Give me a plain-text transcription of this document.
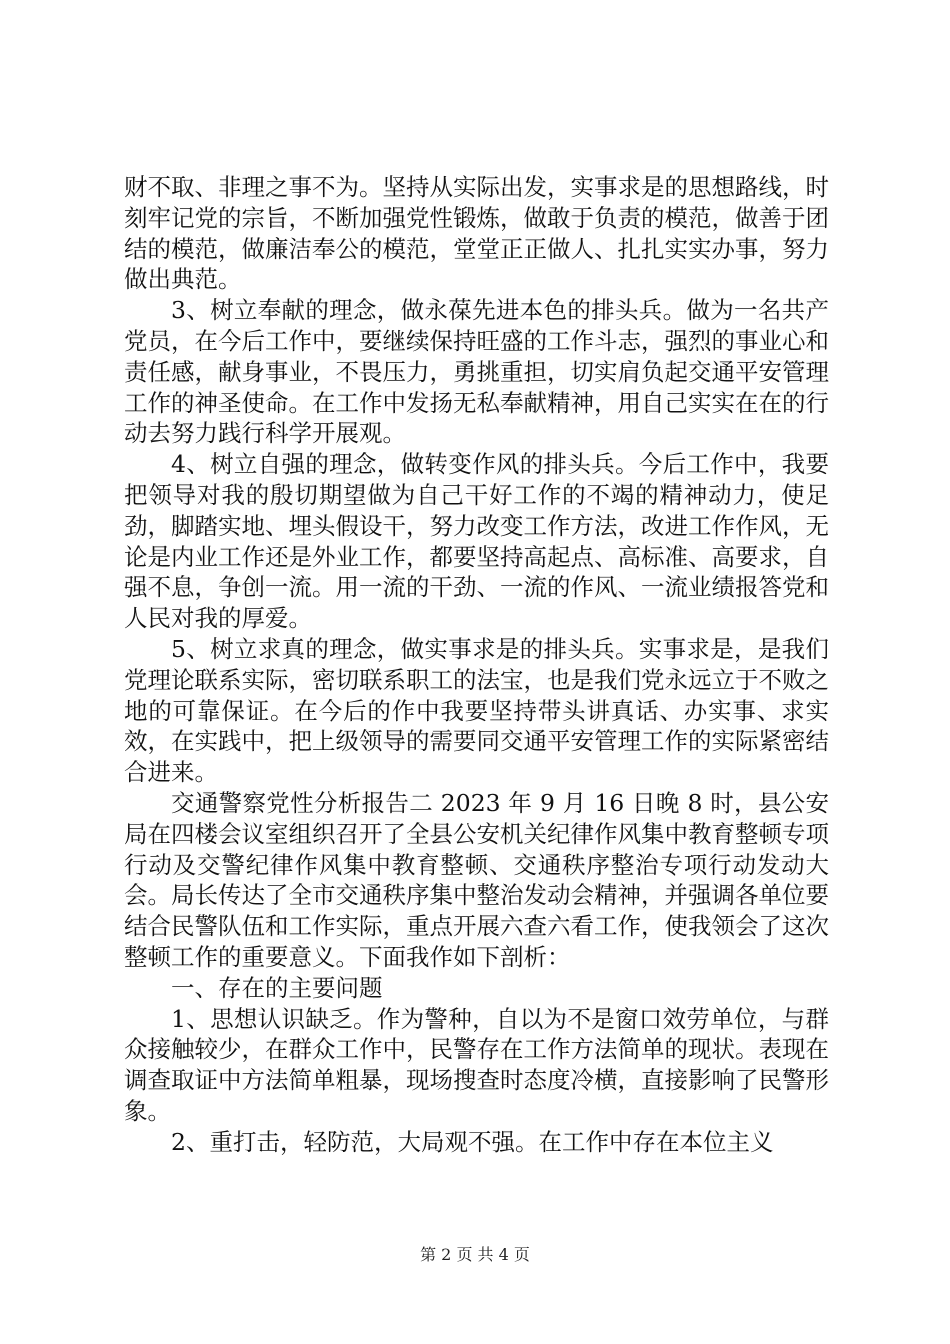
财不取、非理之事不为。坚持从实际出发，实事求是的思想路线，时刻牢记党的宗旨，不断加强党性锻炼，做敢于负责的模范，做善于团结的模范，做廉洁奉公的模范，堂堂正正做人、扎扎实实办事，努力做出典范。

3、树立奉献的理念，做永葆先进本色的排头兵。做为一名共产党员，在今后工作中，要继续保持旺盛的工作斗志，强烈的事业心和责任感，献身事业，不畏压力，勇挑重担，切实肩负起交通平安管理工作的神圣使命。在工作中发扬无私奉献精神，用自己实实在在的行动去努力践行科学开展观。

4、树立自强的理念，做转变作风的排头兵。今后工作中，我要把领导对我的殷切期望做为自己干好工作的不竭的精神动力，使足劲，脚踏实地、埋头假设干，努力改变工作方法，改进工作作风，无论是内业工作还是外业工作，都要坚持高起点、高标准、高要求，自强不息，争创一流。用一流的干劲、一流的作风、一流业绩报答党和人民对我的厚爱。

5、树立求真的理念，做实事求是的排头兵。实事求是，是我们党理论联系实际，密切联系职工的法宝，也是我们党永远立于不败之地的可靠保证。在今后的作中我要坚持带头讲真话、办实事、求实效，在实践中，把上级领导的需要同交通平安管理工作的实际紧密结合进来。

交通警察党性分析报告二 2023 年 9 月 16 日晚 8 时，县公安局在四楼会议室组织召开了全县公安机关纪律作风集中教育整顿专项行动及交警纪律作风集中教育整顿、交通秩序整治专项行动发动大会。局长传达了全市交通秩序集中整治发动会精神，并强调各单位要结合民警队伍和工作实际，重点开展六查六看工作，使我领会了这次整顿工作的重要意义。下面我作如下剖析：

一、存在的主要问题

1、思想认识缺乏。作为警种，自以为不是窗口效劳单位，与群众接触较少，在群众工作中，民警存在工作方法简单的现状。表现在调查取证中方法简单粗暴，现场搜查时态度冷横，直接影响了民警形象。

2、重打击，轻防范，大局观不强。在工作中存在本位主义

第 2 页 共 4 页
